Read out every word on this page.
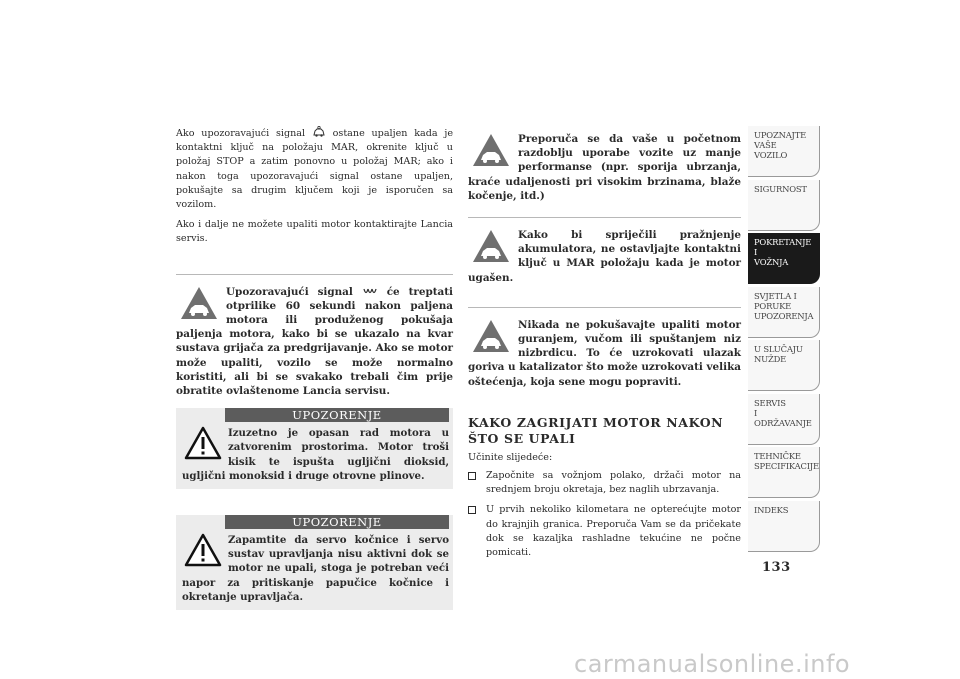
Ako upozoravajući signal	ostane upaljen kada je kontaktni ključ na položaju MAR, okrenite ključ u položaj STOP a zatim ponovno u položaj MAR; ako i nakon toga upozoravajući signal ostane upaljen, pokušajte sa drugim ključem koji je isporučen sa vozilom.

Ako i dalje ne možete upaliti motor kontaktirajte Lancia servis.

Upozoravajući signal	će treptati otprilike 60 sekundi nakon paljena motora ili produženog pokušaja paljenja motora, kako bi se ukazalo na kvar sustava grijača za predgrijavanje. Ako se motor može upaliti, vozilo se može normalno koristiti, ali bi se svakako trebali čim prije obratite ovlaštenome Lancia servisu.

UPOZORENJE

Izuzetno je opasan rad motora u zatvorenim prostorima. Motor troši kisik te ispušta ugljični dioksid, ugljični monoksid i druge otrovne plinove.

UPOZORENJE

Zapamtite da servo kočnice i servo sustav upravljanja nisu aktivni dok se motor ne upali, stoga je potreban veći napor za pritiskanje papučice kočnice i okretanje upravljača.

Preporuča se da vaše u početnom razdoblju uporabe vozite uz manje performanse (npr. sporija ubrzanja, kraće udaljenosti pri visokim brzinama, blaže kočenje, itd.)

Kako bi spriječili pražnjenje akumulatora, ne ostavljajte kontaktni ključ u MAR položaju kada je motor ugašen.

Nikada ne pokušavajte upaliti motor guranjem, vučom ili spuštanjem niz nizbrdicu. To će uzrokovati ulazak goriva u katalizator što može uzrokovati velika oštećenja, koja sene mogu popraviti.

KAKO ZAGRIJATI MOTOR NAKON ŠTO SE UPALI

Učinite slijedeće:

Započnite sa vožnjom polako, držači motor na srednjem broju okretaja, bez naglih ubrzavanja.
U prvih nekoliko kilometara ne opterećujte motor do krajnjih granica. Preporuča Vam se da pričekate dok se kazaljka rashladne tekućine ne počne pomicati.
UPOZNAJTE
VAŠE
VOZILO
SIGURNOST
POKRETANJE
I
VOŽNJA
SVJETLA I
PORUKE
UPOZORENJA
U SLUČAJU
NUŽDE
SERVIS
I
ODRŽAVANJE
TEHNIČKE
SPECIFIKACIJE
INDEKS
133
carmanualsonline.info
